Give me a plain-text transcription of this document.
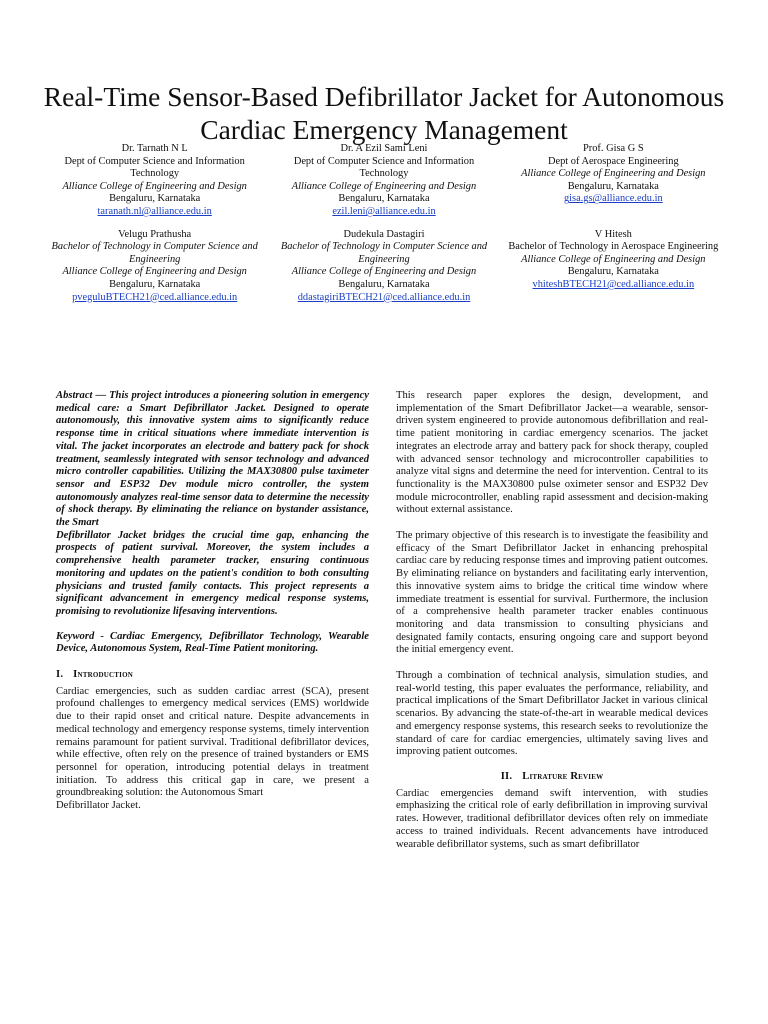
Real-Time Sensor-Based Defibrillator Jacket for Autonomous Cardiac Emergency Management
Dr. Tarnath N L
Dept of Computer Science and Information Technology
Alliance College of Engineering and Design
Bengaluru, Karnataka
taranath.nl@alliance.edu.in
Dr. A Ezil Sami Leni
Dept of Computer Science and Information Technology
Alliance College of Engineering and Design
Bengaluru, Karnataka
ezil.leni@alliance.edu.in
Prof. Gisa G S
Dept of Aerospace Engineering
Alliance College of Engineering and Design
Bengaluru, Karnataka
gisa.gs@alliance.edu.in
Velugu Prathusha
Bachelor of Technology in Computer Science and Engineering
Alliance College of Engineering and Design
Bengaluru, Karnataka
pveguluBTECH21@ced.alliance.edu.in
Dudekula Dastagiri
Bachelor of Technology in Computer Science and Engineering
Alliance College of Engineering and Design
Bengaluru, Karnataka
ddastagiriBTECH21@ced.alliance.edu.in
V Hitesh
Bachelor of Technology in Aerospace Engineering
Alliance College of Engineering and Design
Bengaluru, Karnataka
vhiteshBTECH21@ced.alliance.edu.in

Abstract — This project introduces a pioneering solution in emergency medical care: a Smart Defibrillator Jacket. Designed to operate autonomously, this innovative system aims to significantly reduce response time in critical situations where immediate intervention is vital. The jacket incorporates an electrode and battery pack for shock treatment, seamlessly integrated with sensor technology and advanced micro controller capabilities. Utilizing the MAX30800 pulse taximeter sensor and ESP32 Dev module micro controller, the system autonomously analyzes real-time sensor data to determine the necessity of shock therapy. By eliminating the reliance on bystander assistance, the Smart

Defibrillator Jacket bridges the crucial time gap, enhancing the prospects of patient survival. Moreover, the system includes a comprehensive health parameter tracker, ensuring continuous monitoring and updates on the patient's condition to both consulting physicians and trusted family contacts. This project represents a significant advancement in emergency medical response systems, promising to revolutionize lifesaving interventions.

Keyword - Cardiac Emergency, Defibrillator Technology, Wearable Device, Autonomous System, Real-Time Patient monitoring.

I. Introduction

Cardiac emergencies, such as sudden cardiac arrest (SCA), present profound challenges to emergency medical services (EMS) worldwide due to their rapid onset and critical nature. Despite advancements in medical technology and emergency response systems, timely intervention remains paramount for patient survival. Traditional defibrillator devices, while effective, often rely on the presence of trained bystanders or EMS personnel for operation, introducing potential delays in treatment initiation. To address this critical gap in care, we present a groundbreaking solution: the Autonomous Smart

Defibrillator Jacket.

This research paper explores the design, development, and implementation of the Smart Defibrillator Jacket—a wearable, sensor-driven system engineered to provide autonomous defibrillation and real-time patient monitoring in cardiac emergency scenarios. The jacket integrates an electrode array and battery pack for shock therapy, coupled with advanced sensor technology and microcontroller capabilities to analyze vital signs and determine the need for intervention. Central to its functionality is the MAX30800 pulse oximeter sensor and ESP32 Dev module microcontroller, enabling rapid assessment and decision-making without external assistance.

The primary objective of this research is to investigate the feasibility and efficacy of the Smart Defibrillator Jacket in enhancing prehospital cardiac care by reducing response times and improving patient outcomes. By eliminating reliance on bystanders and facilitating early intervention, this innovative system aims to bridge the critical time window where immediate treatment is essential for survival. Furthermore, the inclusion of a comprehensive health parameter tracker enables continuous monitoring and data transmission to consulting physicians and designated family contacts, ensuring ongoing care and support beyond the initial emergency event.

Through a combination of technical analysis, simulation studies, and real-world testing, this paper evaluates the performance, reliability, and practical implications of the Smart Defibrillator Jacket in various clinical scenarios. By advancing the state-of-the-art in wearable medical devices and emergency response systems, this research seeks to revolutionize the standard of care for cardiac emergencies, ultimately saving lives and improving patient outcomes.

II. Litrature Review

Cardiac emergencies demand swift intervention, with studies emphasizing the critical role of early defibrillation in improving survival rates. However, traditional defibrillator devices often rely on immediate access to trained individuals. Recent advancements have introduced wearable defibrillator systems, such as smart defibrillator
